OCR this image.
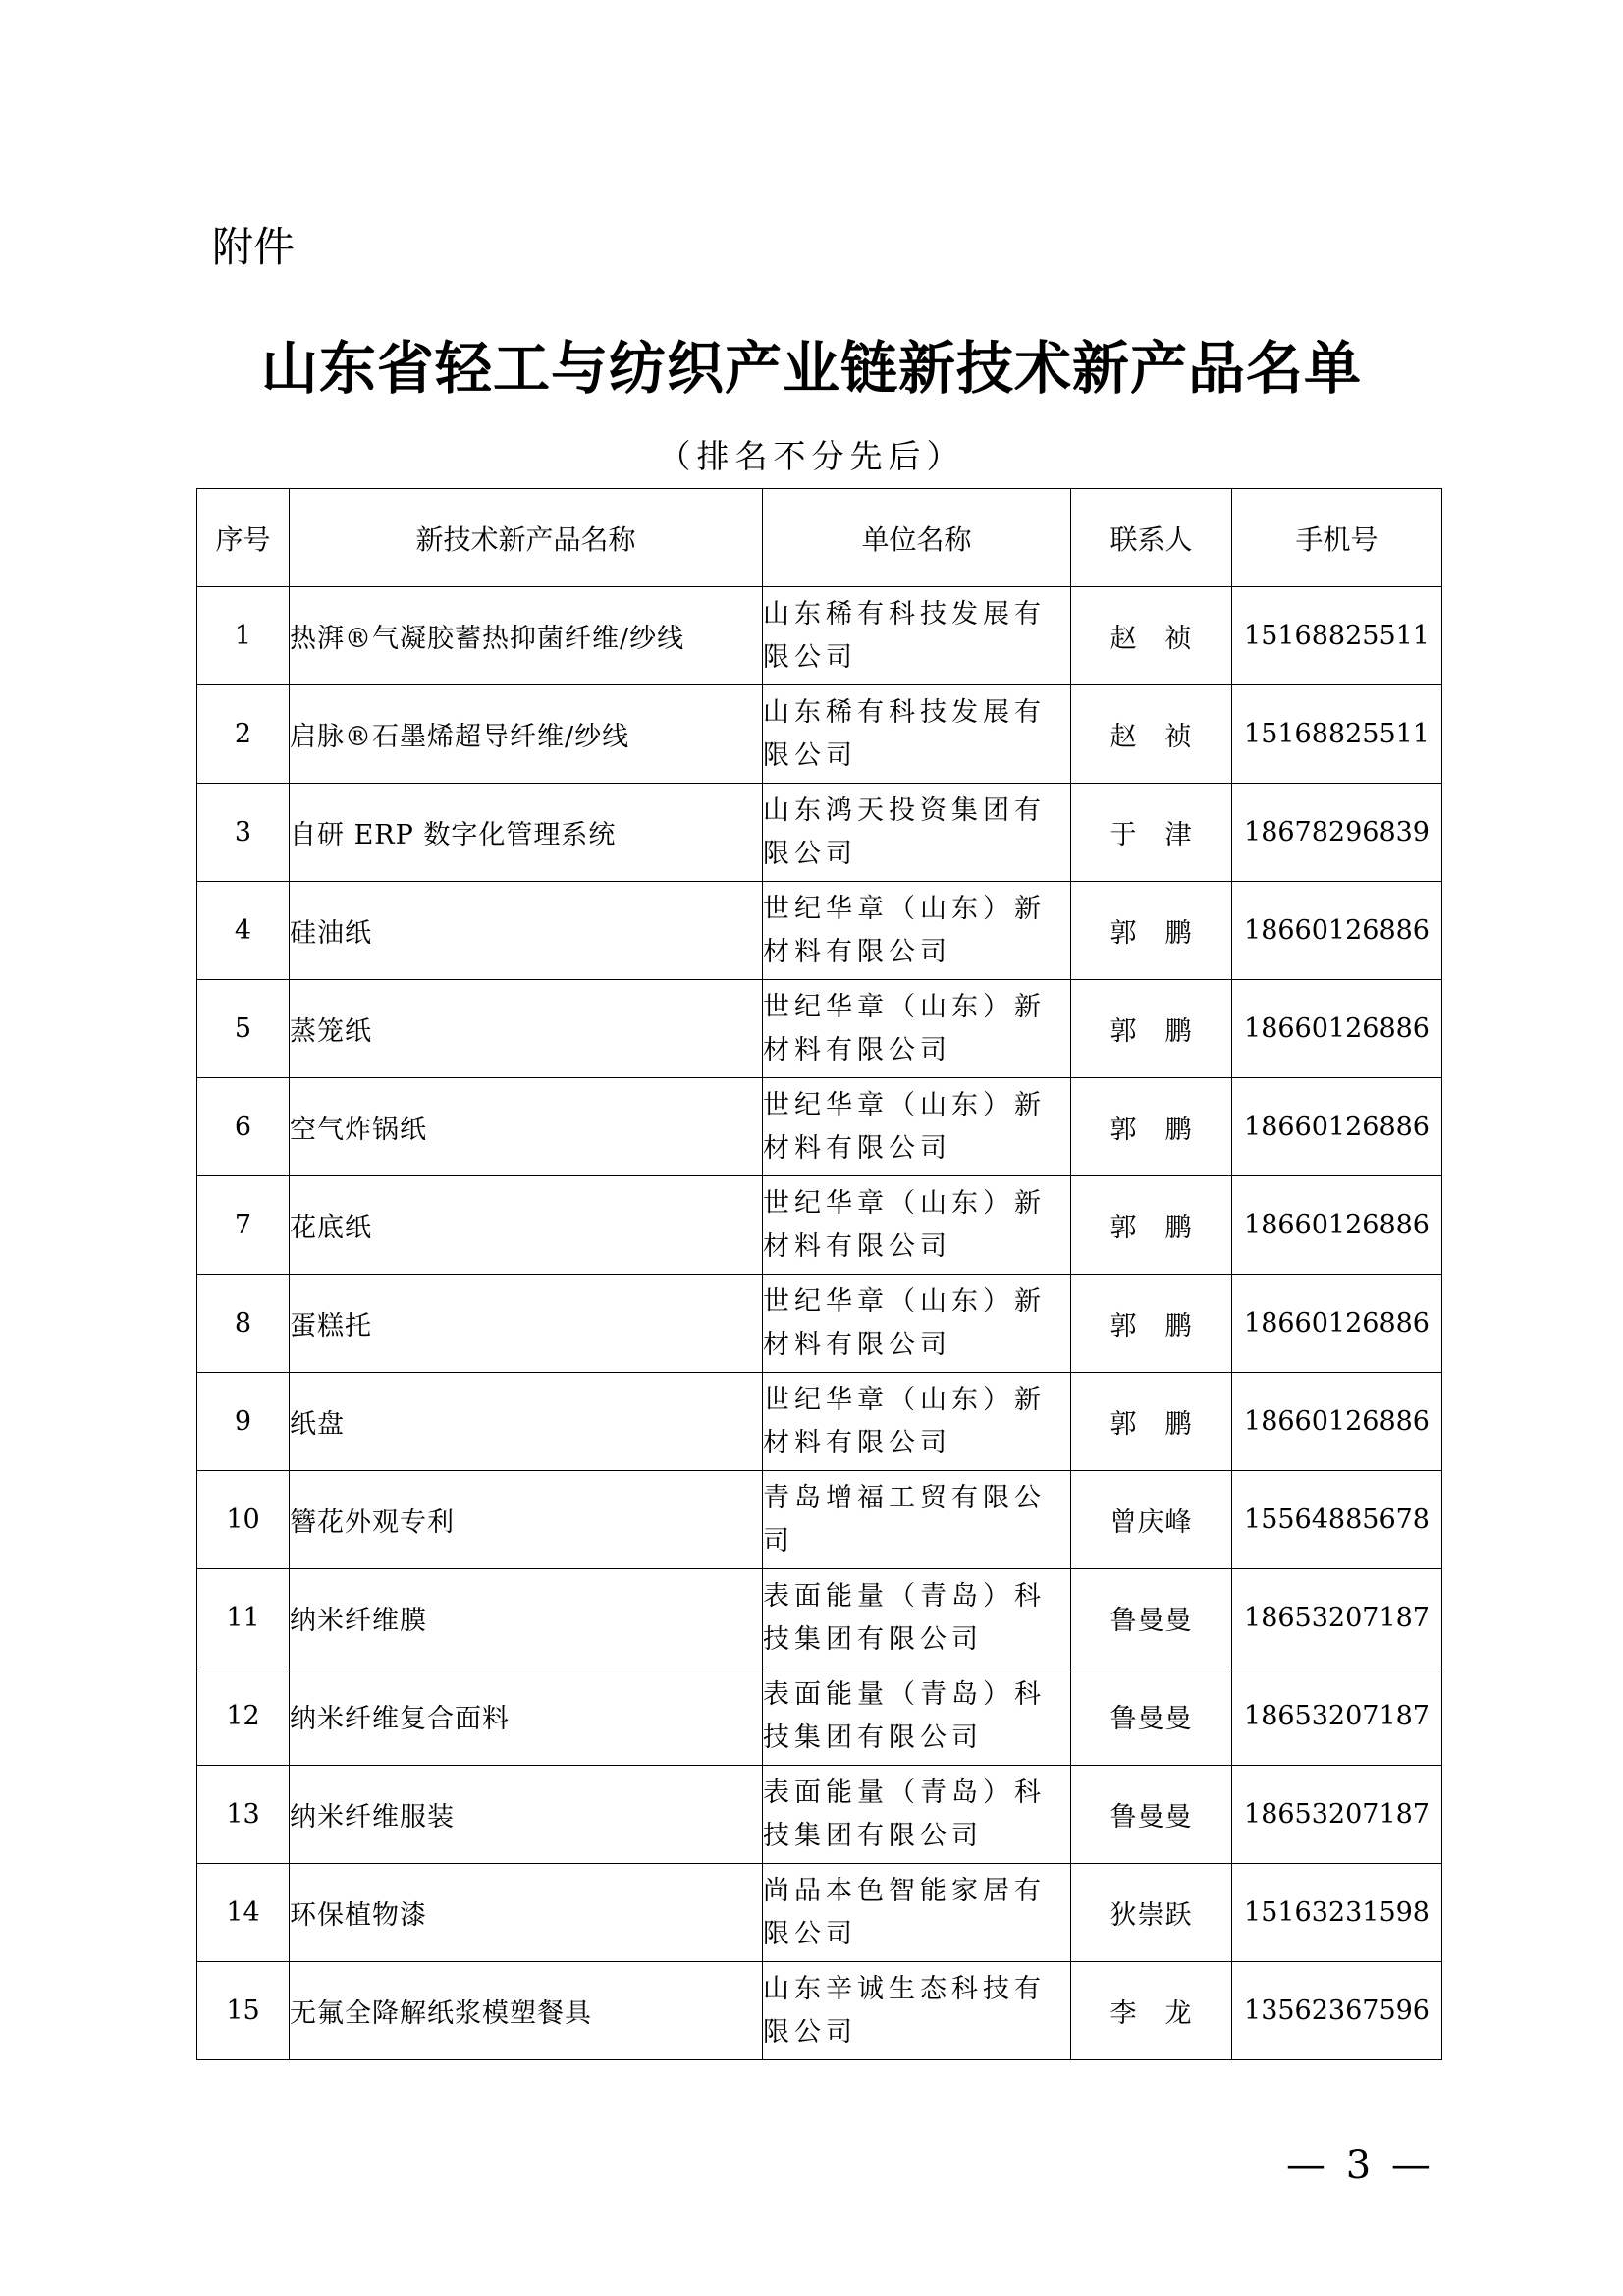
附件
山东省轻工与纺织产业链新技术新产品名单
（排名不分先后）
序号	新技术新产品名称	单位名称	联系人	手机号
1	热湃®气凝胶蓄热抑菌纤维/纱线	山东稀有科技发展有限公司	赵　祯	15168825511
2	启脉®石墨烯超导纤维/纱线	山东稀有科技发展有限公司	赵　祯	15168825511
3	自研 ERP 数字化管理系统	山东鸿天投资集团有限公司	于　津	18678296839
4	硅油纸	世纪华章（山东）新材料有限公司	郭　鹏	18660126886
5	蒸笼纸	世纪华章（山东）新材料有限公司	郭　鹏	18660126886
6	空气炸锅纸	世纪华章（山东）新材料有限公司	郭　鹏	18660126886
7	花底纸	世纪华章（山东）新材料有限公司	郭　鹏	18660126886
8	蛋糕托	世纪华章（山东）新材料有限公司	郭　鹏	18660126886
9	纸盘	世纪华章（山东）新材料有限公司	郭　鹏	18660126886
10	簪花外观专利	青岛增福工贸有限公司	曾庆峰	15564885678
11	纳米纤维膜	表面能量（青岛）科技集团有限公司	鲁曼曼	18653207187
12	纳米纤维复合面料	表面能量（青岛）科技集团有限公司	鲁曼曼	18653207187
13	纳米纤维服装	表面能量（青岛）科技集团有限公司	鲁曼曼	18653207187
14	环保植物漆	尚品本色智能家居有限公司	狄崇跃	15163231598
15	无氟全降解纸浆模塑餐具	山东辛诚生态科技有限公司	李　龙	13562367596
— 3 —
